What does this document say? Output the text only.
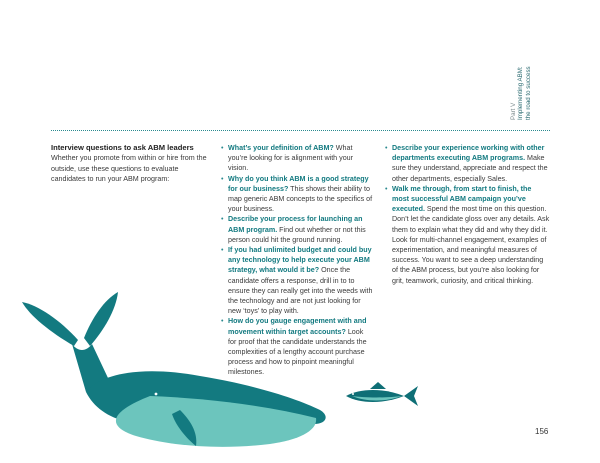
Part V Implementing ABM: the road to success
Interview questions to ask ABM leaders

Whether you promote from within or hire from the outside, use these questions to evaluate candidates to run your ABM program:

• What’s your definition of ABM? What you’re looking for is alignment with your vision.
• Why do you think ABM is a good strategy for our business? This shows their ability to map generic ABM concepts to the specifics of your business.
• Describe your process for launching an ABM program. Find out whether or not this person could hit the ground running.
• If you had unlimited budget and could buy any technology to help execute your ABM strategy, what would it be? Once the candidate offers a response, drill in to to ensure they can really get into the weeds with the technology and are not just looking for new ‘toys’ to play with.
• How do you gauge engagement with and movement within target accounts? Look for proof that the candidate understands the complexities of a lengthy account purchase process and how to pinpoint meaningful milestones.
• Describe your experience working with other departments executing ABM programs. Make sure they understand, appreciate and respect the other departments, especially Sales.
• Walk me through, from start to finish, the most successful ABM campaign you’ve executed. Spend the most time on this question. Don’t let the candidate gloss over any details. Ask them to explain what they did and why they did it. Look for multi-channel engagement, examples of experimentation, and meaningful measures of success. You want to see a deep understanding of the ABM process, but you’re also looking for grit, teamwork, curiosity, and critical thinking.
156
